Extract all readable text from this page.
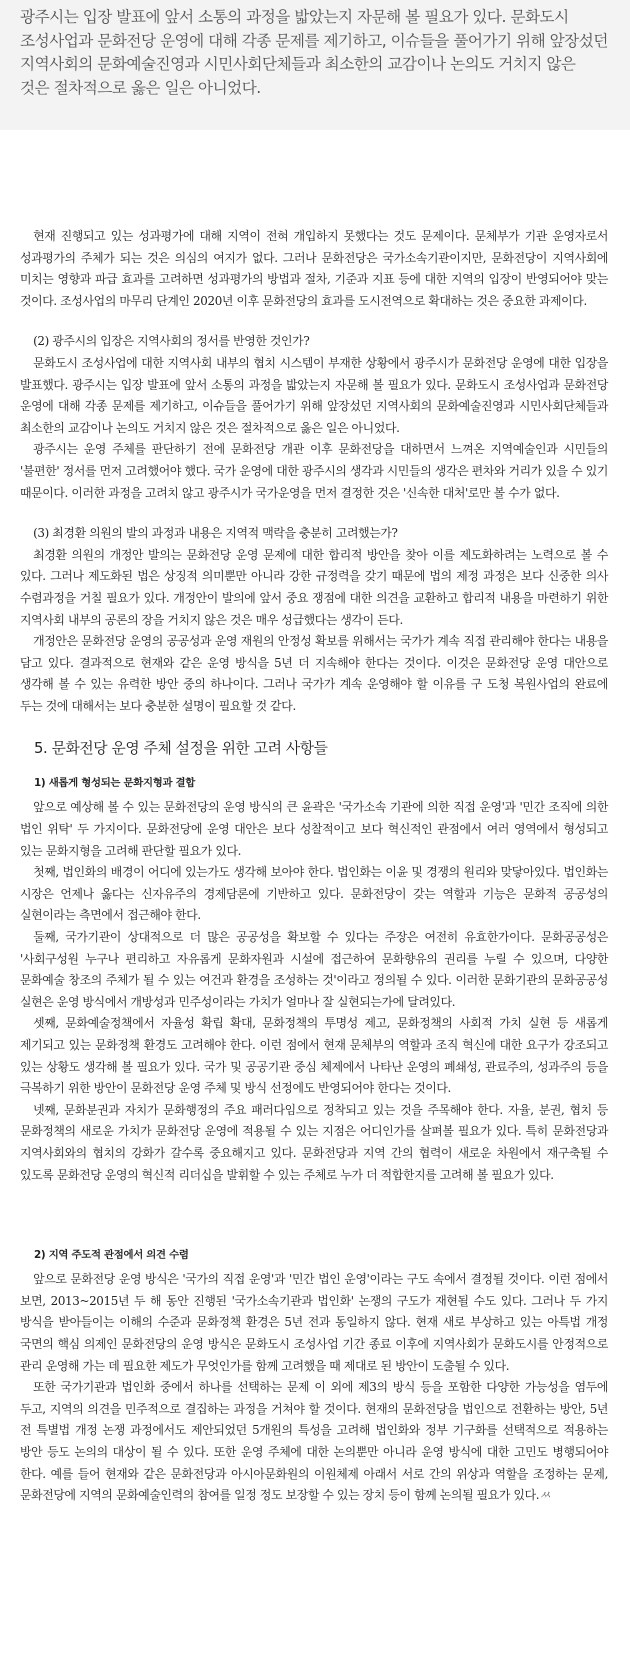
광주시는 입장 발표에 앞서 소통의 과정을 밟았는지 자문해 볼 필요가 있다. 문화도시 조성사업과 문화전당 운영에 대해 각종 문제를 제기하고, 이슈들을 풀어가기 위해 앞장섰던 지역사회의 문화예술진영과 시민사회단체들과 최소한의 교감이나 논의도 거치지 않은 것은 절차적으로 옳은 일은 아니었다.

현재 진행되고 있는 성과평가에 대해 지역이 전혀 개입하지 못했다는 것도 문제이다. 문체부가 기관 운영자로서 성과평가의 주체가 되는 것은 의심의 여지가 없다. 그러나 문화전당은 국가소속기관이지만, 문화전당이 지역사회에 미치는 영향과 파급 효과를 고려하면 성과평가의 방법과 절차, 기준과 지표 등에 대한 지역의 입장이 반영되어야 맞는 것이다. 조성사업의 마무리 단계인 2020년 이후 문화전당의 효과를 도시전역으로 확대하는 것은 중요한 과제이다.

(2) 광주시의 입장은 지역사회의 정서를 반영한 것인가?

문화도시 조성사업에 대한 지역사회 내부의 협치 시스템이 부재한 상황에서 광주시가 문화전당 운영에 대한 입장을 발표했다. 광주시는 입장 발표에 앞서 소통의 과정을 밟았는지 자문해 볼 필요가 있다. 문화도시 조성사업과 문화전당 운영에 대해 각종 문제를 제기하고, 이슈들을 풀어가기 위해 앞장섰던 지역사회의 문화예술진영과 시민사회단체들과 최소한의 교감이나 논의도 거치지 않은 것은 절차적으로 옳은 일은 아니었다.

광주시는 운영 주체를 판단하기 전에 문화전당 개관 이후 문화전당을 대하면서 느껴온 지역예술인과 시민들의 '불편한' 정서를 먼저 고려했어야 했다. 국가 운영에 대한 광주시의 생각과 시민들의 생각은 편차와 거리가 있을 수 있기 때문이다. 이러한 과정을 고려치 않고 광주시가 국가운영을 먼저 결정한 것은 '신속한 대처'로만 볼 수가 없다.

(3) 최경환 의원의 발의 과정과 내용은 지역적 맥락을 충분히 고려했는가?

최경환 의원의 개정안 발의는 문화전당 운영 문제에 대한 합리적 방안을 찾아 이를 제도화하려는 노력으로 볼 수 있다. 그러나 제도화된 법은 상징적 의미뿐만 아니라 강한 규정력을 갖기 때문에 법의 제정 과정은 보다 신중한 의사 수렴과정을 거칠 필요가 있다. 개정안이 발의에 앞서 중요 쟁점에 대한 의견을 교환하고 합리적 내용을 마련하기 위한 지역사회 내부의 공론의 장을 거치지 않은 것은 매우 성급했다는 생각이 든다.

개정안은 문화전당 운영의 공공성과 운영 재원의 안정성 확보를 위해서는 국가가 계속 직접 관리해야 한다는 내용을 담고 있다. 결과적으로 현재와 같은 운영 방식을 5년 더 지속해야 한다는 것이다. 이것은 문화전당 운영 대안으로 생각해 볼 수 있는 유력한 방안 중의 하나이다. 그러나 국가가 계속 운영해야 할 이유를 구 도청 복원사업의 완료에 두는 것에 대해서는 보다 충분한 설명이 필요할 것 같다.

5. 문화전당 운영 주체 설정을 위한 고려 사항들

1) 새롭게 형성되는 문화지형과 결합

앞으로 예상해 볼 수 있는 문화전당의 운영 방식의 큰 윤곽은 '국가소속 기관에 의한 직접 운영'과 '민간 조직에 의한 법인 위탁' 두 가지이다. 문화전당에 운영 대안은 보다 성찰적이고 보다 혁신적인 관점에서 여러 영역에서 형성되고 있는 문화지형을 고려해 판단할 필요가 있다.

첫째, 법인화의 배경이 어디에 있는가도 생각해 보아야 한다. 법인화는 이윤 및 경쟁의 원리와 맞닿아있다. 법인화는 시장은 언제나 옳다는 신자유주의 경제담론에 기반하고 있다. 문화전당이 갖는 역할과 기능은 문화적 공공성의 실현이라는 측면에서 접근해야 한다.

둘째, 국가기관이 상대적으로 더 많은 공공성을 확보할 수 있다는 주장은 여전히 유효한가이다. 문화공공성은 '사회구성원 누구나 편리하고 자유롭게 문화자원과 시설에 접근하여 문화향유의 권리를 누릴 수 있으며, 다양한 문화예술 창조의 주체가 될 수 있는 여건과 환경을 조성하는 것'이라고 정의될 수 있다. 이러한 문화기관의 문화공공성 실현은 운영 방식에서 개방성과 민주성이라는 가치가 얼마나 잘 실현되는가에 달려있다.

셋째, 문화예술정책에서 자율성 확립 확대, 문화정책의 투명성 제고, 문화정책의 사회적 가치 실현 등 새롭게 제기되고 있는 문화정책 환경도 고려해야 한다. 이런 점에서 현재 문체부의 역할과 조직 혁신에 대한 요구가 강조되고 있는 상황도 생각해 볼 필요가 있다. 국가 및 공공기관 중심 체제에서 나타난 운영의 폐쇄성, 관료주의, 성과주의 등을 극복하기 위한 방안이 문화전당 운영 주체 및 방식 선정에도 반영되어야 한다는 것이다.

넷째, 문화분권과 자치가 문화행정의 주요 패러다임으로 정착되고 있는 것을 주목해야 한다. 자율, 분권, 협치 등 문화정책의 새로운 가치가 문화전당 운영에 적용될 수 있는 지점은 어디인가를 살펴볼 필요가 있다. 특히 문화전당과 지역사회와의 협치의 강화가 갈수록 중요해지고 있다. 문화전당과 지역 간의 협력이 새로운 차원에서 재구축될 수 있도록 문화전당 운영의 혁신적 리더십을 발휘할 수 있는 주체로 누가 더 적합한지를 고려해 볼 필요가 있다.

2) 지역 주도적 관점에서 의견 수렴

앞으로 문화전당 운영 방식은 '국가의 직접 운영'과 '민간 법인 운영'이라는 구도 속에서 결정될 것이다. 이런 점에서 보면, 2013~2015년 두 해 동안 진행된 '국가소속기관과 법인화' 논쟁의 구도가 재현될 수도 있다. 그러나 두 가지 방식을 받아들이는 이해의 수준과 문화정책 환경은 5년 전과 동일하지 않다. 현재 새로 부상하고 있는 아특법 개정 국면의 핵심 의제인 문화전당의 운영 방식은 문화도시 조성사업 기간 종료 이후에 지역사회가 문화도시를 안정적으로 관리 운영해 가는 데 필요한 제도가 무엇인가를 함께 고려했을 때 제대로 된 방안이 도출될 수 있다.

또한 국가기관과 법인화 중에서 하나를 선택하는 문제 이 외에 제3의 방식 등을 포함한 다양한 가능성을 염두에 두고, 지역의 의견을 민주적으로 결집하는 과정을 거쳐야 할 것이다. 현재의 문화전당을 법인으로 전환하는 방안, 5년 전 특별법 개정 논쟁 과정에서도 제안되었던 5개원의 특성을 고려해 법인화와 정부 기구화를 선택적으로 적용하는 방안 등도 논의의 대상이 될 수 있다. 또한 운영 주체에 대한 논의뿐만 아니라 운영 방식에 대한 고민도 병행되어야 한다. 예를 들어 현재와 같은 문화전당과 아시아문화원의 이원체제 아래서 서로 간의 위상과 역할을 조정하는 문제, 문화전당에 지역의 문화예술인력의 참여를 일정 정도 보장할 수 있는 장치 등이 함께 논의될 필요가 있다.ㅆ
